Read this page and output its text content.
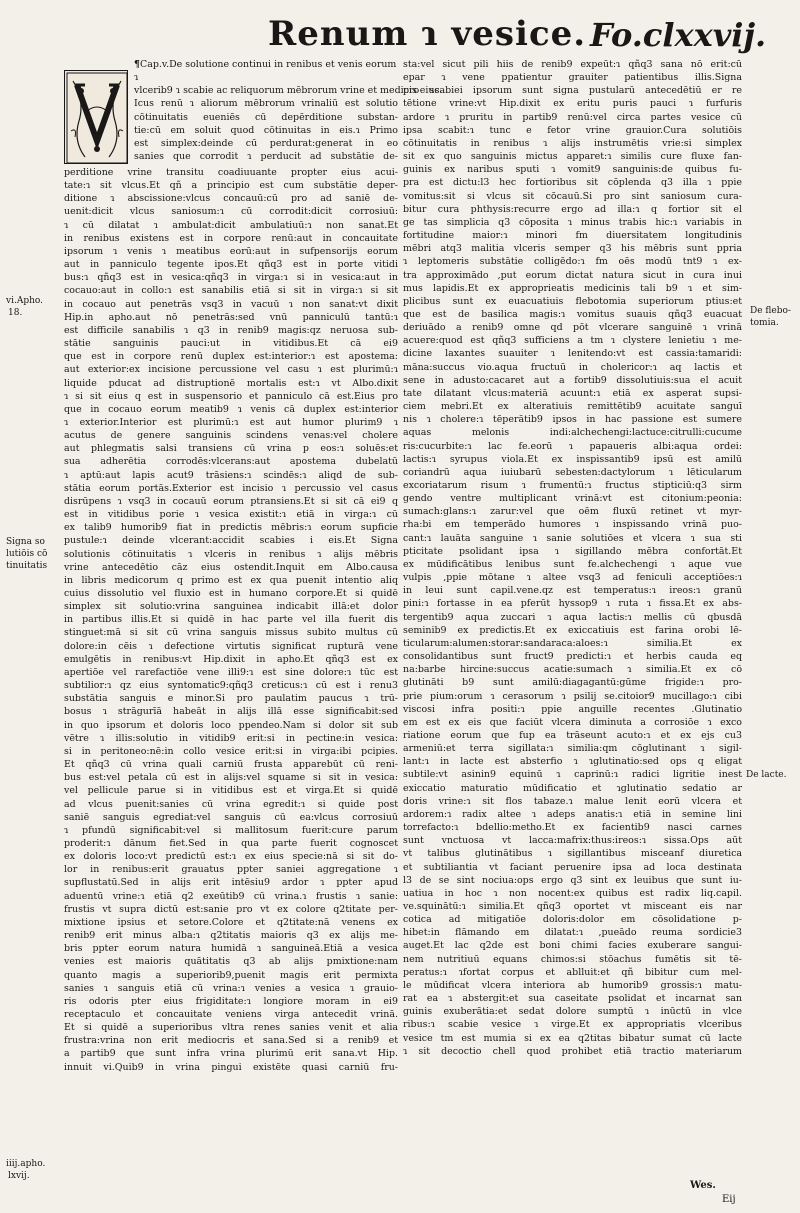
Renum ɿ vesice. Fo.clxxvij.
¶Cap.v.De solutione continui in renibus et venis eorum ɿ
vlcerib9 ɿ scabie ac reliquorum mēbrorum vrine et medicis eius.
Icus renū ɿ aliorum mēbrorum vrinaliū est solutio
cōtinuitatis eueniēs cū depērditione substan-
tie:cū em soluit quod cōtinuitas in eis.ɿ Primo
est simplex:deinde cū perdurat:generat in eo
sanies que corrodit ɿ perducit ad substātie de-
perditione vrine transitu coadiuuante propter eius acui-
tate:ɿ sit vlcus.Et qñ a principio est cum substātie deper-
ditione ɿ abscissione:vlcus concauū:cū pro ad saniē de-
uenit:dicit vlcus saniosum:ɿ cū corrodit:dicit corrosiuū:
ɿ cū dilatat ɿ ambulat:dicit ambulatiuū:ɿ non sanat.Et
in renibus existens est in corpore renū:aut in concauitate
ipsorum ɿ venis ɿ meatibus eorū:aut in sufpensorijs eorum
aut in panniculo tegente ipos.Et qñq3 est in porte vitidi
bus:ɿ qñq3 est in vesica:qñq3 in virga:ɿ si in vesica:aut in
cocauo:aut in collo:ɿ est sanabilis etiā si sit in virga:ɿ si sit
in cocauo aut penetrās vsq3 in vacuū ɿ non sanat:vt dixit
Hip.in apho.aut nō penetrās:sed vnū panniculū tantū:ɿ
est difficile sanabilis ɿ q3 in renib9 magis:qz neruosa sub-
stātie sanguinis pauci:ut in vitidibus.Et cā ei9
que est in corpore renū duplex est:interior:ɿ est apostema:
aut exterior:ex incisione percussione vel casu ɿ est plurimū:ɿ
liquide pducat ad distruptionē mortalis est:ɿ vt Albo.dixit
ɿ si sit eius q est in suspensorio et panniculo cā est.Eius pro
que in cocauo eorum meatib9 ɿ venis cā duplex est:interior
ɿ exterior.Interior est plurimū:ɿ est aut humor plurim9 ɿ
acutus de genere sanguinis scindens venas:vel cholere
aut phlegmatis salsi transiens cū vrina p eos:ɿ soluēs:et
sua adherētia corrodēs:vlcerans:aut apostema dubelatū
ɿ aptū:aut lapis acut9 trāsiens:ɿ scindēs:ɿ aliqd de sub-
stātia eorum portās.Exterior est incisio ɿ percussio vel casus
disrūpens ɿ vsq3 in cocauū eorum ptransiens.Et si sit cā ei9 q
est in vitidibus porie ɿ vesica existit:ɿ etiā in virga:ɿ cū
ex talib9 humorib9 fiat in predictis mēbris:ɿ eorum supficie
pustule:ɿ deinde vlcerant:accidit scabies i eis.Et Signa
solutionis cōtinuitatis ɿ vlceris in renibus ɿ alijs mēbris
vrine antecedētio cāz eius ostendit.Inquit em Albo.causa
in libris medicorum q primo est ex qua puenit intentio aliq
cuius dissolutio vel fluxio est in humano corpore.Et si quidē
simplex sit solutio:vrina sanguinea indicabit illā:et dolor
in partibus illis.Et si quidē in hac parte vel illa fuerit dis
stinguet:mā si sit cū vrina sanguis missus subito multus cū
dolore:in cēis ɿ defectione virtutis significat rupturā vene
emulgētis in renibus:vt Hip.dixit in apho.Et qñq3 est ex
apertiōe vel rarefactiōe vene illi9:ɿ est sine dolore:ɿ tūc est
subtilior:ɿ qz eius syntomatic9:qñq3 creticus:ɿ cū est i renu3
substātia sanguis e minor.Si pro paulatim paucus ɿ trū-
bosus ɿ strāgurīā habeāt in alijs illā esse significabit:sed
in quo ipsorum et doloris loco ppendeo.Nam si dolor sit sub
vētre ɿ illis:solutio in vitidib9 erit:si in pectine:in vesica:
si in peritoneo:nē:in collo vesice erit:si in virga:ibi pcipies.
Et qñq3 cū vrina quali carniū frusta apparebūt cū reni-
bus est:vel petala cū est in alijs:vel squame si sit in vesica:
vel pellicule parue si in vitidibus est et virga.Et si quidē
ad vlcus puenit:sanies cū vrina egredit:ɿ si quide post
saniē sanguis egrediat:vel sanguis cū ea:vlcus corrosiuū
ɿ pfundū significabit:vel si mallitosum fuerit:cure parum
proderit:ɿ dānum fiet.Sed in qua parte fuerit cognoscet
ex doloris loco:vt predictū est:ɿ ex eius specie:nā si sit do-
lor in renibus:erit grauatus ppter saniei aggregatione ɿ
supflustatū.Sed in alijs erit intēsiu9 ardor ɿ ppter apud
aduentū vrine:ɿ etiā q2 exeūtib9 cū vrina.ɿ frustis ɿ sanie:
frustis vt supra dictū est:sanie pro vt ex colore q2titate per-
mixtione ipsius et setore.Colore et q2titate:nā venens ex
renib9 erit minus alba:ɿ q2titatis maioris q3 ex alijs me-
bris ppter eorum natura humidā ɿ sanguineā.Etiā a vesica
venies est maioris quātitatis q3 ab alijs pmixtione:nam
quanto magis a superiorib9,puenit magis erit permixta
sanies ɿ sanguis etiā cū vrina:ɿ venies a vesica ɿ grauio-
ris odoris pter eius frigiditate:ɿ longiore moram in ei9
receptaculo et concauitate veniens virga antecedit vrinā.
Et si quidē a superioribus vltra renes sanies venit et alia
frustra:vrina non erit mediocris et sana.Sed si a renib9 et
a partib9 que sunt infra vrina plurimū erit sana.vt Hip.
innuit vi.Quib9 in vrina pingui existēte quasi carniū fru-
sta:vel sicut pili hiis de renib9 expeūt:ɿ qñq3 sana nō erit:cū
epar ɿ vene ppatientur grauiter patientibus illis.Signa
pro scabiei ipsorum sunt signa pustularū antecedētiū er re
tētione vrine:vt Hip.dixit ex eritu puris pauci ɿ furfuris
ardore ɿ pruritu in partib9 renū:vel circa partes vesice cū
ipsa scabit:ɿ tunc e fetor vrine grauior.Cura solutiōis
cōtinuitatis in renibus ɿ alijs instrumētis vrie:si simplex
sit ex quo sanguinis mictus apparet:ɿ similis cure fluxe fan-
guinis ex naribus sputi ɿ vomit9 sanguinis:de quibus fu-
pra est dictu:l3 hec fortioribus sit cōplenda q3 illa ɿ ppie
vomitus:sit si vlcus sit cōcauū.Si pro sint saniosum cura-
bitur cura phthysis:recurre ergo ad illa:ɿ q fortior sit el
ge tas simplicia q3 cōposita ɿ minus trabis hic:ɿ variabis in
fortitudine maior:ɿ minori fm diuersitatem longitudinis
mēbri atq3 malitia vlceris semper q3 his mēbris sunt ppria
ɿ leptomeris substātie colligēdo:ɿ fm oēs modū tnt9 ɿ ex-
tra approximādo ,put eorum dictat natura sicut in cura inui
mus lapidis.Et ex approprieatis medicinis tali b9 ɿ et sim-
plicibus sunt ex euacuatiuis flebotomia superiorum ptius:et
que est de basilica magis:ɿ vomitus suauis qñq3 euacuat
deriuādo a renib9 omne qd pōt vlcerare sanguinē ɿ vrinā
acuere:quod est qñq3 sufficiens a tm ɿ clystere lenietiu ɿ me-
dicine laxantes suauiter ɿ lenitendo:vt est cassia:tamaridi:
māna:succus vio.aqua fructuū in cholericor:ɿ aq lactis et
sene in adusto:cacaret aut a fortib9 dissolutiuis:sua el acuit
tate dilatant vlcus:materiā acuunt:ɿ etiā ex asperat supsi-
ciem mebri.Et ex alteratiuis remittētib9 acuitate sanguī
nis ɿ cholere:ɿ tēperātib9 ipsos in hac passione est sumere
aquas melonis indi:alchechengi:lactuce:citrulli:cucume
ris:cucurbite:ɿ lac fe.eorū ɿ papaueris albi:aqua ordei:
lactis:ɿ syrupus viola.Et ex inspissantib9 ipsū est amilū
coriandrū aqua iuiubarū sebesten:dactylorum ɿ lēticularum
excoriatarum risum ɿ frumentū:ɿ fructus stipticiū:q3 sirm
gendo ventre multiplicant vrinā:vt est citonium:peonia:
sumach:glans:ɿ zarur:vel que oēm fluxū retinet vt myr-
rha:bi em temperādo humores ɿ inspissando vrinā puo-
cant:ɿ lauāta sanguine ɿ sanie solutiōes et vlcera ɿ sua sti
pticitate psolidant ipsa ɿ sigillando mēbra confortāt.Et
ex mūdificātibus lenibus sunt fe.alchechengi ɿ aque vue
vulpis ,ppie mōtane ɿ altee vsq3 ad feniculi acceptiōes:ɿ
in leui sunt capil.vene.qz est temperatus:ɿ ireos:ɿ granū
pini:ɿ fortasse in ea pferūt hyssop9 ɿ ruta ɿ fissa.Et ex abs-
tergentib9 aqua zuccari ɿ aqua lactis:ɿ mellis cū qbusdā
seminib9 ex predictis.Et ex exiccatiuis est farina orobi lē-
ticularum:alumen:storar:sandaraca:aloes:ɿ similia.Et ex
consolidantibus sunt fruct9 predicti:ɿ et herbis cauda eq
na:barbe hircine:succus acatie:sumach ɿ similia.Et ex cō
glutināti b9 sunt amilū:diagagantū:gūme frigide:ɿ pro-
prie pium:orum ɿ cerasorum ɿ psilij se.citoior9 mucillago:ɿ cibi
viscosi infra positi:ɿ ppie anguille recentes .Glutinatio
em est ex eis que faciūt vlcera diminuta a corrosiōe ɿ exco
riatione eorum que fup ea trāseunt acuto:ɿ et ex ejs cu3
armeniū:et terra sigillata:ɿ similia:qm cōglutinant ɿ sigil-
lant:ɿ in lacte est absterfio ɿ ɿglutinatio:sed ops q eligat
subtile:vt asinin9 equinū ɿ caprinū:ɿ radici ligritie inest
exiccatio maturatio mūdificatio et ɿglutinatio sedatio ar
doris vrine:ɿ sit flos tabaze.ɿ malue lenit eorū vlcera et
ardorem:ɿ radix altee ɿ adeps anatis:ɿ etiā in semine lini
torrefacto:ɿ bdellio:metho.Et ex facientib9 nasci carnes
sunt vnctuosa vt lacca:mafrix:thus:ireos:ɿ sissa.Ops aūt
vt talibus glutinātibus ɿ sigillantibus misceanf diuretica
et subtiliantia vt faciant peruenire ipsa ad loca destinata
l3 de se sint nociua:ops ergo q3 sint ex leuibus que sunt iu-
uatiua in hoc ɿ non nocent:ex quibus est radix liq.capil.
ve.squinātū:ɿ similia.Et qñq3 oportet vt misceant eis nar
cotica ad mitigatiōe doloris:dolor em cōsolidatione p-
hibet:in flāmando em dilatat:ɿ ,pueādo reuma sordicie3
auget.Et lac q2de est boni chimi facies exuberare sangui-
nem nutritiuū equans chimos:si stōachus fumētis sit tē-
peratus:ɿ ɿfortat corpus et ablluit:et qñ bibitur cum mel-
le mūdificat vlcera interiora ab humorib9 grossis:ɿ matu-
rat ea ɿ abstergit:et sua caseitate psolidat et incarnat san
guinis exuberātia:et sedat dolore sumptū ɿ inūctū in vlce
ribus:ɿ scabie vesice ɿ virge.Et ex appropriatis vlceribus
vesice tm est mumia si ex ea q2titas bibatur sumat cū lacte
ɿ sit decoctio chell quod prohibet etiā tractio materiarum
vi.Apho.
18.
Signa so
lutiōis cō
tinuitatis
iiij.apho.
lxvij.
De flebo-
tomia.
De lacte.
Wes.
Eij
